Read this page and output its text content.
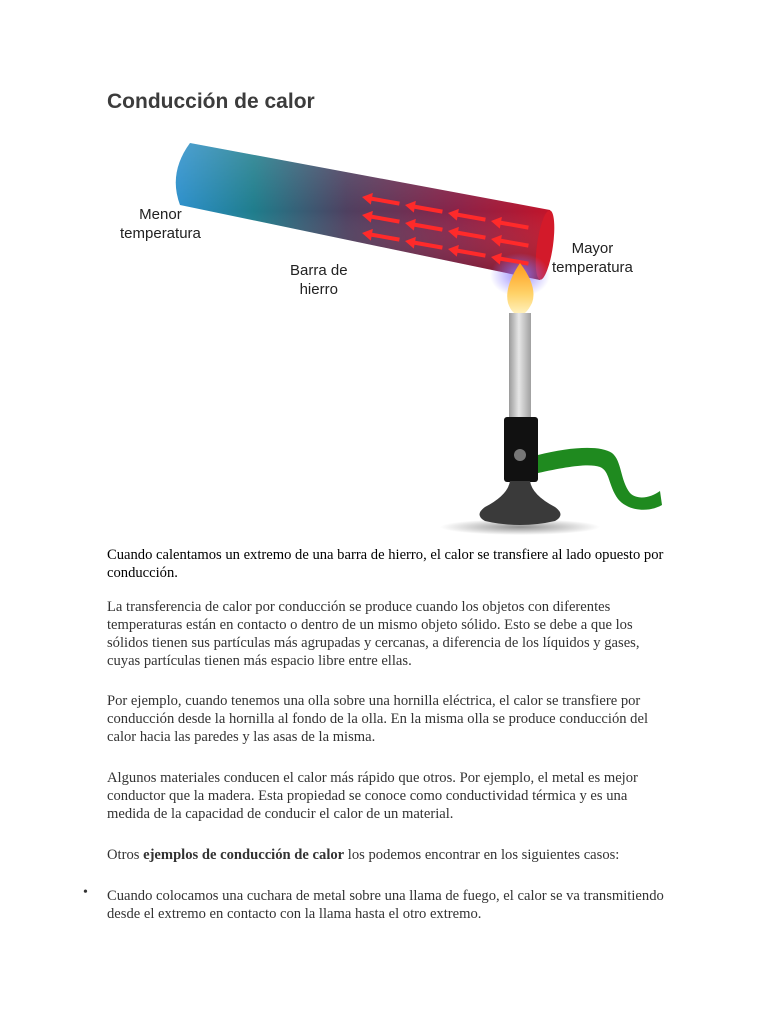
Conducción de calor
Menor
temperatura
Barra de
hierro
Mayor
temperatura

Cuando calentamos un extremo de una barra de hierro, el calor se transfiere al lado opuesto por conducción.

La transferencia de calor por conducción se produce cuando los objetos con diferentes temperaturas están en contacto o dentro de un mismo objeto sólido. Esto se debe a que los sólidos tienen sus partículas más agrupadas y cercanas, a diferencia de los líquidos y gases, cuyas partículas tienen más espacio libre entre ellas.

Por ejemplo, cuando tenemos una olla sobre una hornilla eléctrica, el calor se transfiere por conducción desde la hornilla al fondo de la olla. En la misma olla se produce conducción del calor hacia las paredes y las asas de la misma.

Algunos materiales conducen el calor más rápido que otros. Por ejemplo, el metal es mejor conductor que la madera. Esta propiedad se conoce como conductividad térmica y es una medida de la capacidad de conducir el calor de un material.

Otros ejemplos de conducción de calor los podemos encontrar en los siguientes casos:

• Cuando colocamos una cuchara de metal sobre una llama de fuego, el calor se va transmitiendo desde el extremo en contacto con la llama hasta el otro extremo.
